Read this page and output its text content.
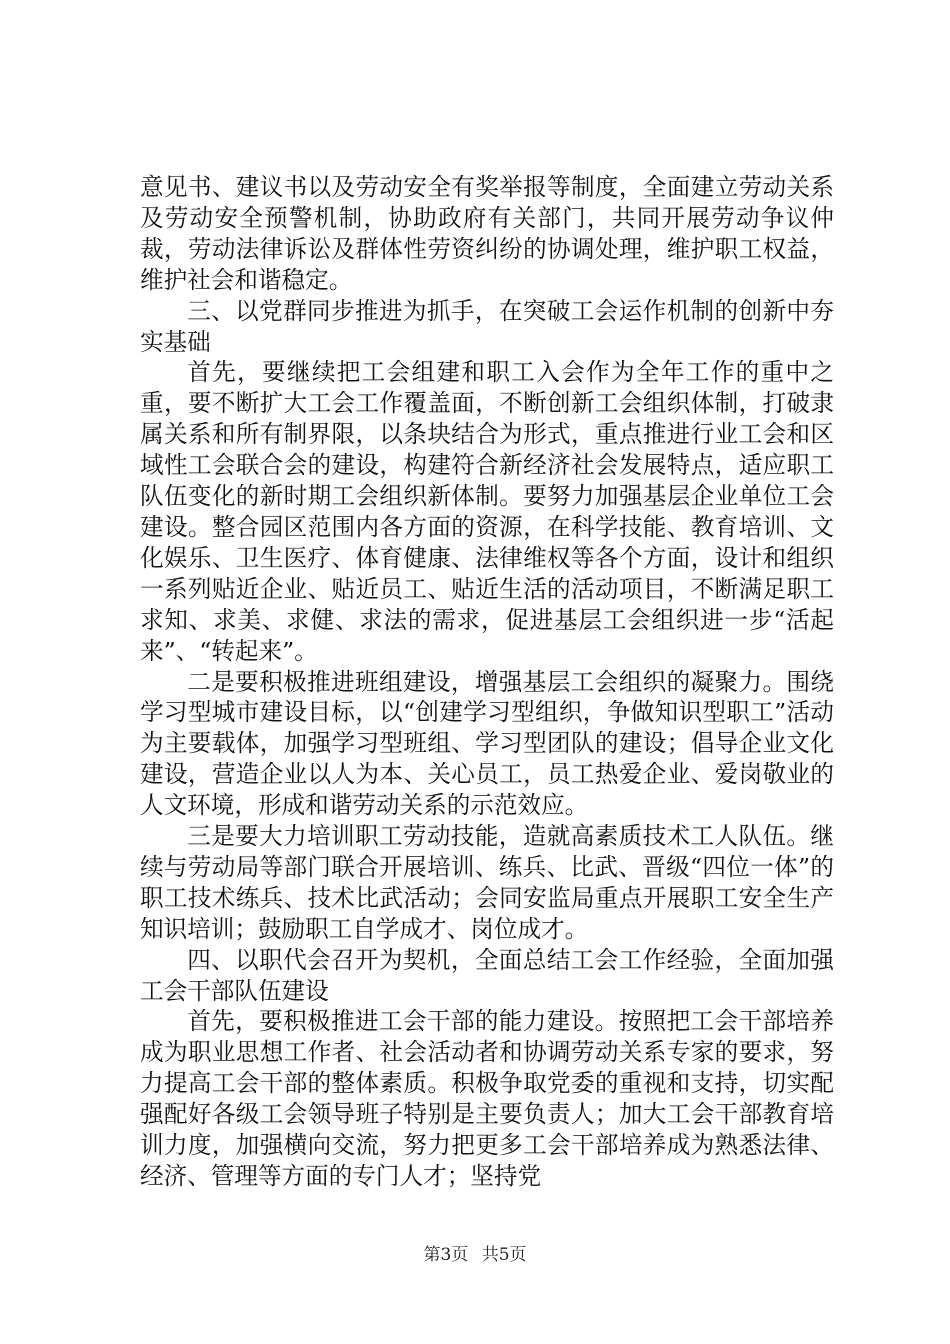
意见书、建议书以及劳动安全有奖举报等制度，全面建立劳动关系及劳动安全预警机制，协助政府有关部门，共同开展劳动争议仲裁，劳动法律诉讼及群体性劳资纠纷的协调处理，维护职工权益，维护社会和谐稳定。

三、以党群同步推进为抓手，在突破工会运作机制的创新中夯实基础

首先，要继续把工会组建和职工入会作为全年工作的重中之重，要不断扩大工会工作覆盖面，不断创新工会组织体制，打破隶属关系和所有制界限，以条块结合为形式，重点推进行业工会和区域性工会联合会的建设，构建符合新经济社会发展特点，适应职工队伍变化的新时期工会组织新体制。要努力加强基层企业单位工会建设。整合园区范围内各方面的资源，在科学技能、教育培训、文化娱乐、卫生医疗、体育健康、法律维权等各个方面，设计和组织一系列贴近企业、贴近员工、贴近生活的活动项目，不断满足职工求知、求美、求健、求法的需求，促进基层工会组织进一步“活起来”、“转起来”。

二是要积极推进班组建设，增强基层工会组织的凝聚力。围绕学习型城市建设目标，以“创建学习型组织，争做知识型职工”活动为主要载体，加强学习型班组、学习型团队的建设；倡导企业文化建设，营造企业以人为本、关心员工，员工热爱企业、爱岗敬业的人文环境，形成和谐劳动关系的示范效应。

三是要大力培训职工劳动技能，造就高素质技术工人队伍。继续与劳动局等部门联合开展培训、练兵、比武、晋级“四位一体”的职工技术练兵、技术比武活动；会同安监局重点开展职工安全生产知识培训；鼓励职工自学成才、岗位成才。

四、以职代会召开为契机，全面总结工会工作经验，全面加强工会干部队伍建设

首先，要积极推进工会干部的能力建设。按照把工会干部培养成为职业思想工作者、社会活动者和协调劳动关系专家的要求，努力提高工会干部的整体素质。积极争取党委的重视和支持，切实配强配好各级工会领导班子特别是主要负责人；加大工会干部教育培训力度，加强横向交流，努力把更多工会干部培养成为熟悉法律、经济、管理等方面的专门人才；坚持党

第3页 共5页
